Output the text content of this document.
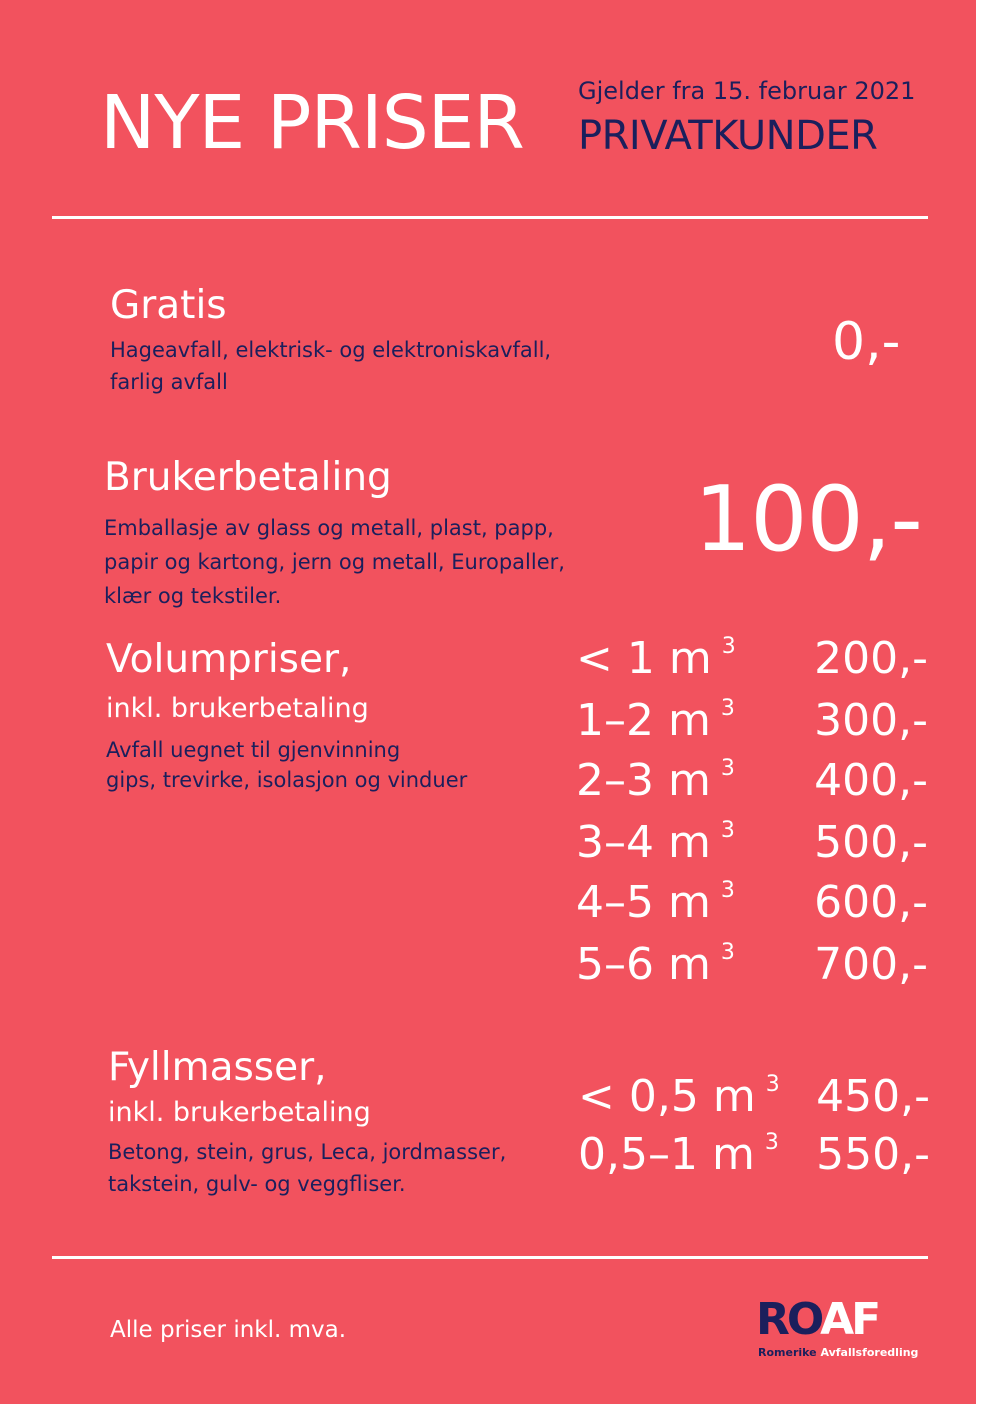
NYE PRISER Gjelder fra 15. februar 2021
PRIVATKUNDER
Gratis
Hageavfall, elektrisk- og elektroniskavfall,
farlig avfall
0,-
Brukerbetaling
Emballasje av glass og metall, plast, papp,
papir og kartong, jern og metall, Europaller,
klær og tekstiler.
100,-
Volumpriser,
inkl. brukerbetaling
Avfall uegnet til gjenvinning
gips, trevirke, isolasjon og vinduer
< 1 m $^3$ 200,-
1–2 m $^3$ 300,-
2–3 m $^3$ 400,-
3–4 m $^3$ 500,-
4–5 m $^3$ 600,-
5–6 m $^3$ 700,-
Fyllmasser,
inkl. brukerbetaling
Betong, stein, grus, Leca, jordmasser,
takstein, gulv- og veggfliser.
< 0,5 m $^3$ 450,-
0,5–1 m $^3$ 550,-
Alle priser inkl. mva.	ROAF
Romerike Avfallsforedling
